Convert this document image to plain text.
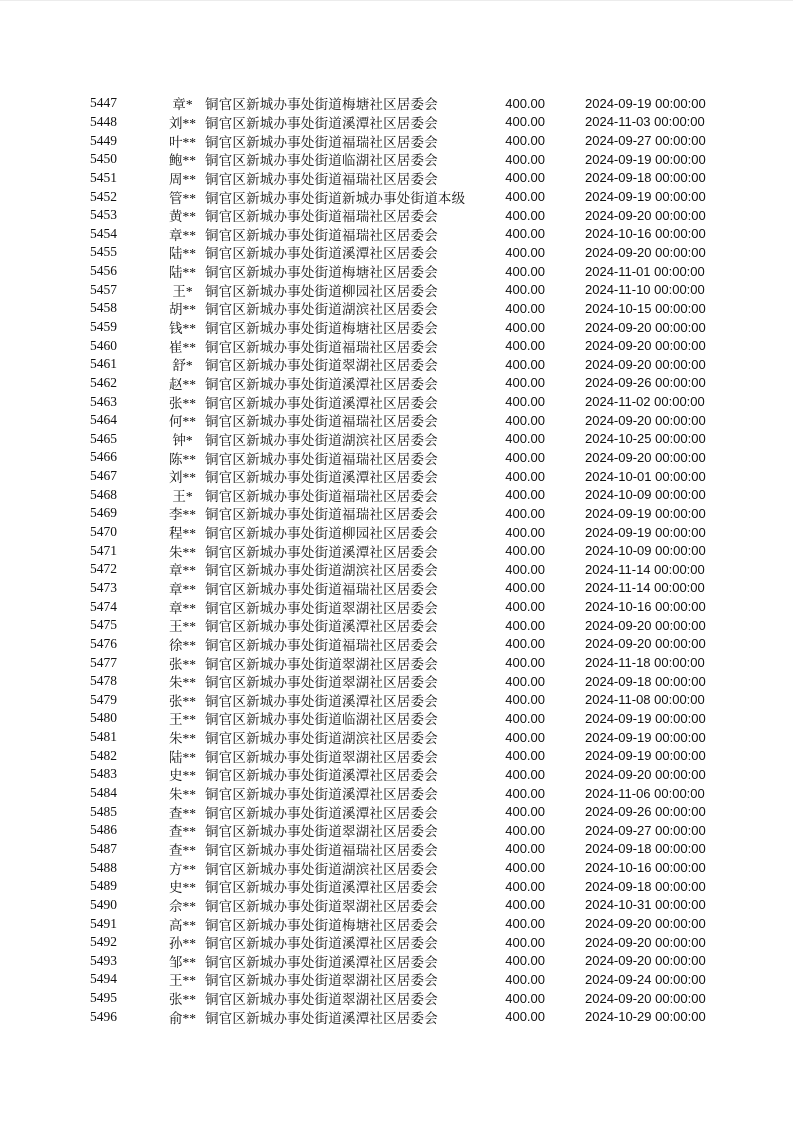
5447	章* 铜官区新城办事处街道梅塘社区居委会	400.00	2024-09-19 00:00:00
5448	刘** 铜官区新城办事处街道溪潭社区居委会	400.00	2024-11-03 00:00:00
5449	叶** 铜官区新城办事处街道福瑞社区居委会	400.00	2024-09-27 00:00:00
5450	鲍** 铜官区新城办事处街道临湖社区居委会	400.00	2024-09-19 00:00:00
5451	周** 铜官区新城办事处街道福瑞社区居委会	400.00	2024-09-18 00:00:00
5452	管** 铜官区新城办事处街道新城办事处街道本级	400.00	2024-09-19 00:00:00
5453	黄** 铜官区新城办事处街道福瑞社区居委会	400.00	2024-09-20 00:00:00
5454	章** 铜官区新城办事处街道福瑞社区居委会	400.00	2024-10-16 00:00:00
5455	陆** 铜官区新城办事处街道溪潭社区居委会	400.00	2024-09-20 00:00:00
5456	陆** 铜官区新城办事处街道梅塘社区居委会	400.00	2024-11-01 00:00:00
5457	王* 铜官区新城办事处街道柳园社区居委会	400.00	2024-11-10 00:00:00
5458	胡** 铜官区新城办事处街道湖滨社区居委会	400.00	2024-10-15 00:00:00
5459	钱** 铜官区新城办事处街道梅塘社区居委会	400.00	2024-09-20 00:00:00
5460	崔** 铜官区新城办事处街道福瑞社区居委会	400.00	2024-09-20 00:00:00
5461	舒* 铜官区新城办事处街道翠湖社区居委会	400.00	2024-09-20 00:00:00
5462	赵** 铜官区新城办事处街道溪潭社区居委会	400.00	2024-09-26 00:00:00
5463	张** 铜官区新城办事处街道溪潭社区居委会	400.00	2024-11-02 00:00:00
5464	何** 铜官区新城办事处街道福瑞社区居委会	400.00	2024-09-20 00:00:00
5465	钟* 铜官区新城办事处街道湖滨社区居委会	400.00	2024-10-25 00:00:00
5466	陈** 铜官区新城办事处街道福瑞社区居委会	400.00	2024-09-20 00:00:00
5467	刘** 铜官区新城办事处街道溪潭社区居委会	400.00	2024-10-01 00:00:00
5468	王* 铜官区新城办事处街道福瑞社区居委会	400.00	2024-10-09 00:00:00
5469	李** 铜官区新城办事处街道福瑞社区居委会	400.00	2024-09-19 00:00:00
5470	程** 铜官区新城办事处街道柳园社区居委会	400.00	2024-09-19 00:00:00
5471	朱** 铜官区新城办事处街道溪潭社区居委会	400.00	2024-10-09 00:00:00
5472	章** 铜官区新城办事处街道湖滨社区居委会	400.00	2024-11-14 00:00:00
5473	章** 铜官区新城办事处街道福瑞社区居委会	400.00	2024-11-14 00:00:00
5474	章** 铜官区新城办事处街道翠湖社区居委会	400.00	2024-10-16 00:00:00
5475	王** 铜官区新城办事处街道溪潭社区居委会	400.00	2024-09-20 00:00:00
5476	徐** 铜官区新城办事处街道福瑞社区居委会	400.00	2024-09-20 00:00:00
5477	张** 铜官区新城办事处街道翠湖社区居委会	400.00	2024-11-18 00:00:00
5478	朱** 铜官区新城办事处街道翠湖社区居委会	400.00	2024-09-18 00:00:00
5479	张** 铜官区新城办事处街道溪潭社区居委会	400.00	2024-11-08 00:00:00
5480	王** 铜官区新城办事处街道临湖社区居委会	400.00	2024-09-19 00:00:00
5481	朱** 铜官区新城办事处街道湖滨社区居委会	400.00	2024-09-19 00:00:00
5482	陆** 铜官区新城办事处街道翠湖社区居委会	400.00	2024-09-19 00:00:00
5483	史** 铜官区新城办事处街道溪潭社区居委会	400.00	2024-09-20 00:00:00
5484	朱** 铜官区新城办事处街道溪潭社区居委会	400.00	2024-11-06 00:00:00
5485	查** 铜官区新城办事处街道溪潭社区居委会	400.00	2024-09-26 00:00:00
5486	查** 铜官区新城办事处街道翠湖社区居委会	400.00	2024-09-27 00:00:00
5487	查** 铜官区新城办事处街道福瑞社区居委会	400.00	2024-09-18 00:00:00
5488	方** 铜官区新城办事处街道湖滨社区居委会	400.00	2024-10-16 00:00:00
5489	史** 铜官区新城办事处街道溪潭社区居委会	400.00	2024-09-18 00:00:00
5490	佘** 铜官区新城办事处街道翠湖社区居委会	400.00	2024-10-31 00:00:00
5491	高** 铜官区新城办事处街道梅塘社区居委会	400.00	2024-09-20 00:00:00
5492	孙** 铜官区新城办事处街道溪潭社区居委会	400.00	2024-09-20 00:00:00
5493	邹** 铜官区新城办事处街道溪潭社区居委会	400.00	2024-09-20 00:00:00
5494	王** 铜官区新城办事处街道翠湖社区居委会	400.00	2024-09-24 00:00:00
5495	张** 铜官区新城办事处街道翠湖社区居委会	400.00	2024-09-20 00:00:00
5496	俞** 铜官区新城办事处街道溪潭社区居委会	400.00	2024-10-29 00:00:00
